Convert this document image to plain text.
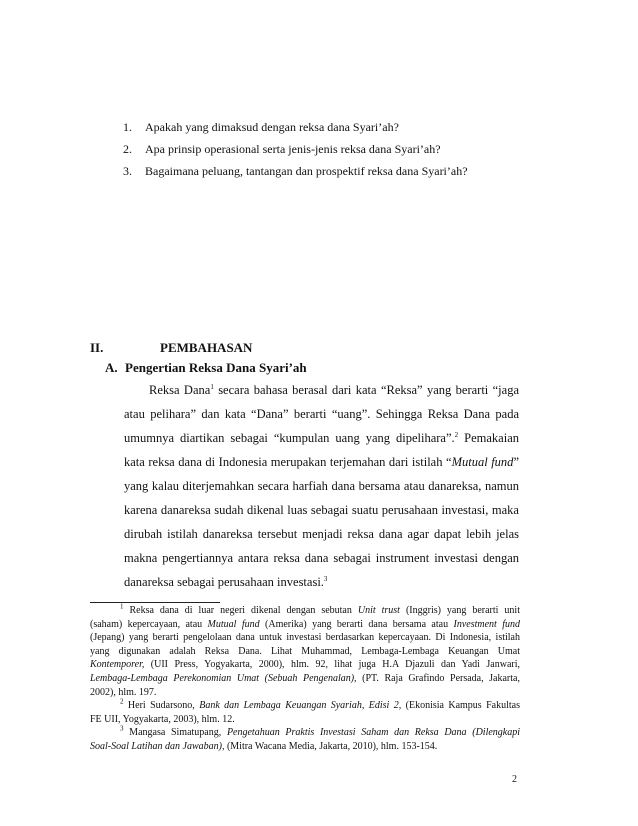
1.	Apakah yang dimaksud dengan reksa dana Syari’ah?
2.	Apa prinsip operasional serta jenis-jenis reksa dana Syari’ah?
3.	Bagaimana peluang, tantangan dan prospektif reksa dana Syari’ah?
II.	PEMBAHASAN
A. Pengertian Reksa Dana Syari’ah
Reksa Dana$^1$ secara bahasa berasal dari kata “Reksa” yang berarti “jaga
atau pelihara” dan kata “Dana” berarti “uang”. Sehingga Reksa Dana pada
umumnya diartikan sebagai “kumpulan uang yang dipelihara”.$^2$ Pemakaian
kata reksa dana di Indonesia merupakan terjemahan dari istilah “Mutual fund”
yang kalau diterjemahkan secara harfiah dana bersama atau danareksa, namun
karena danareksa sudah dikenal luas sebagai suatu perusahaan investasi, maka
dirubah istilah danareksa tersebut menjadi reksa dana agar dapat lebih jelas
makna pengertiannya antara reksa dana sebagai instrument investasi dengan
danareksa sebagai perusahaan investasi.$^3$
$^1$ Reksa dana di luar negeri dikenal dengan sebutan Unit trust (Inggris) yang berarti unit
(saham) kepercayaan, atau Mutual fund (Amerika) yang berarti dana bersama atau Investment fund
(Jepang) yang berarti pengelolaan dana untuk investasi berdasarkan kepercayaan. Di Indonesia, istilah
yang digunakan adalah Reksa Dana. Lihat Muhammad, Lembaga-Lembaga Keuangan Umat
Kontemporer, (UII Press, Yogyakarta, 2000), hlm. 92, lihat juga H.A Djazuli dan Yadi Janwari,
Lembaga-Lembaga Perekonomian Umat (Sebuah Pengenalan), (PT. Raja Grafindo Persada, Jakarta,
2002), hlm. 197.
$^2$ Heri Sudarsono, Bank dan Lembaga Keuangan Syariah, Edisi 2, (Ekonisia Kampus Fakultas
FE UII, Yogyakarta, 2003), hlm. 12.
$^3$ Mangasa Simatupang, Pengetahuan Praktis Investasi Saham dan Reksa Dana (Dilengkapi
Soal-Soal Latihan dan Jawaban), (Mitra Wacana Media, Jakarta, 2010), hlm. 153-154.
2
